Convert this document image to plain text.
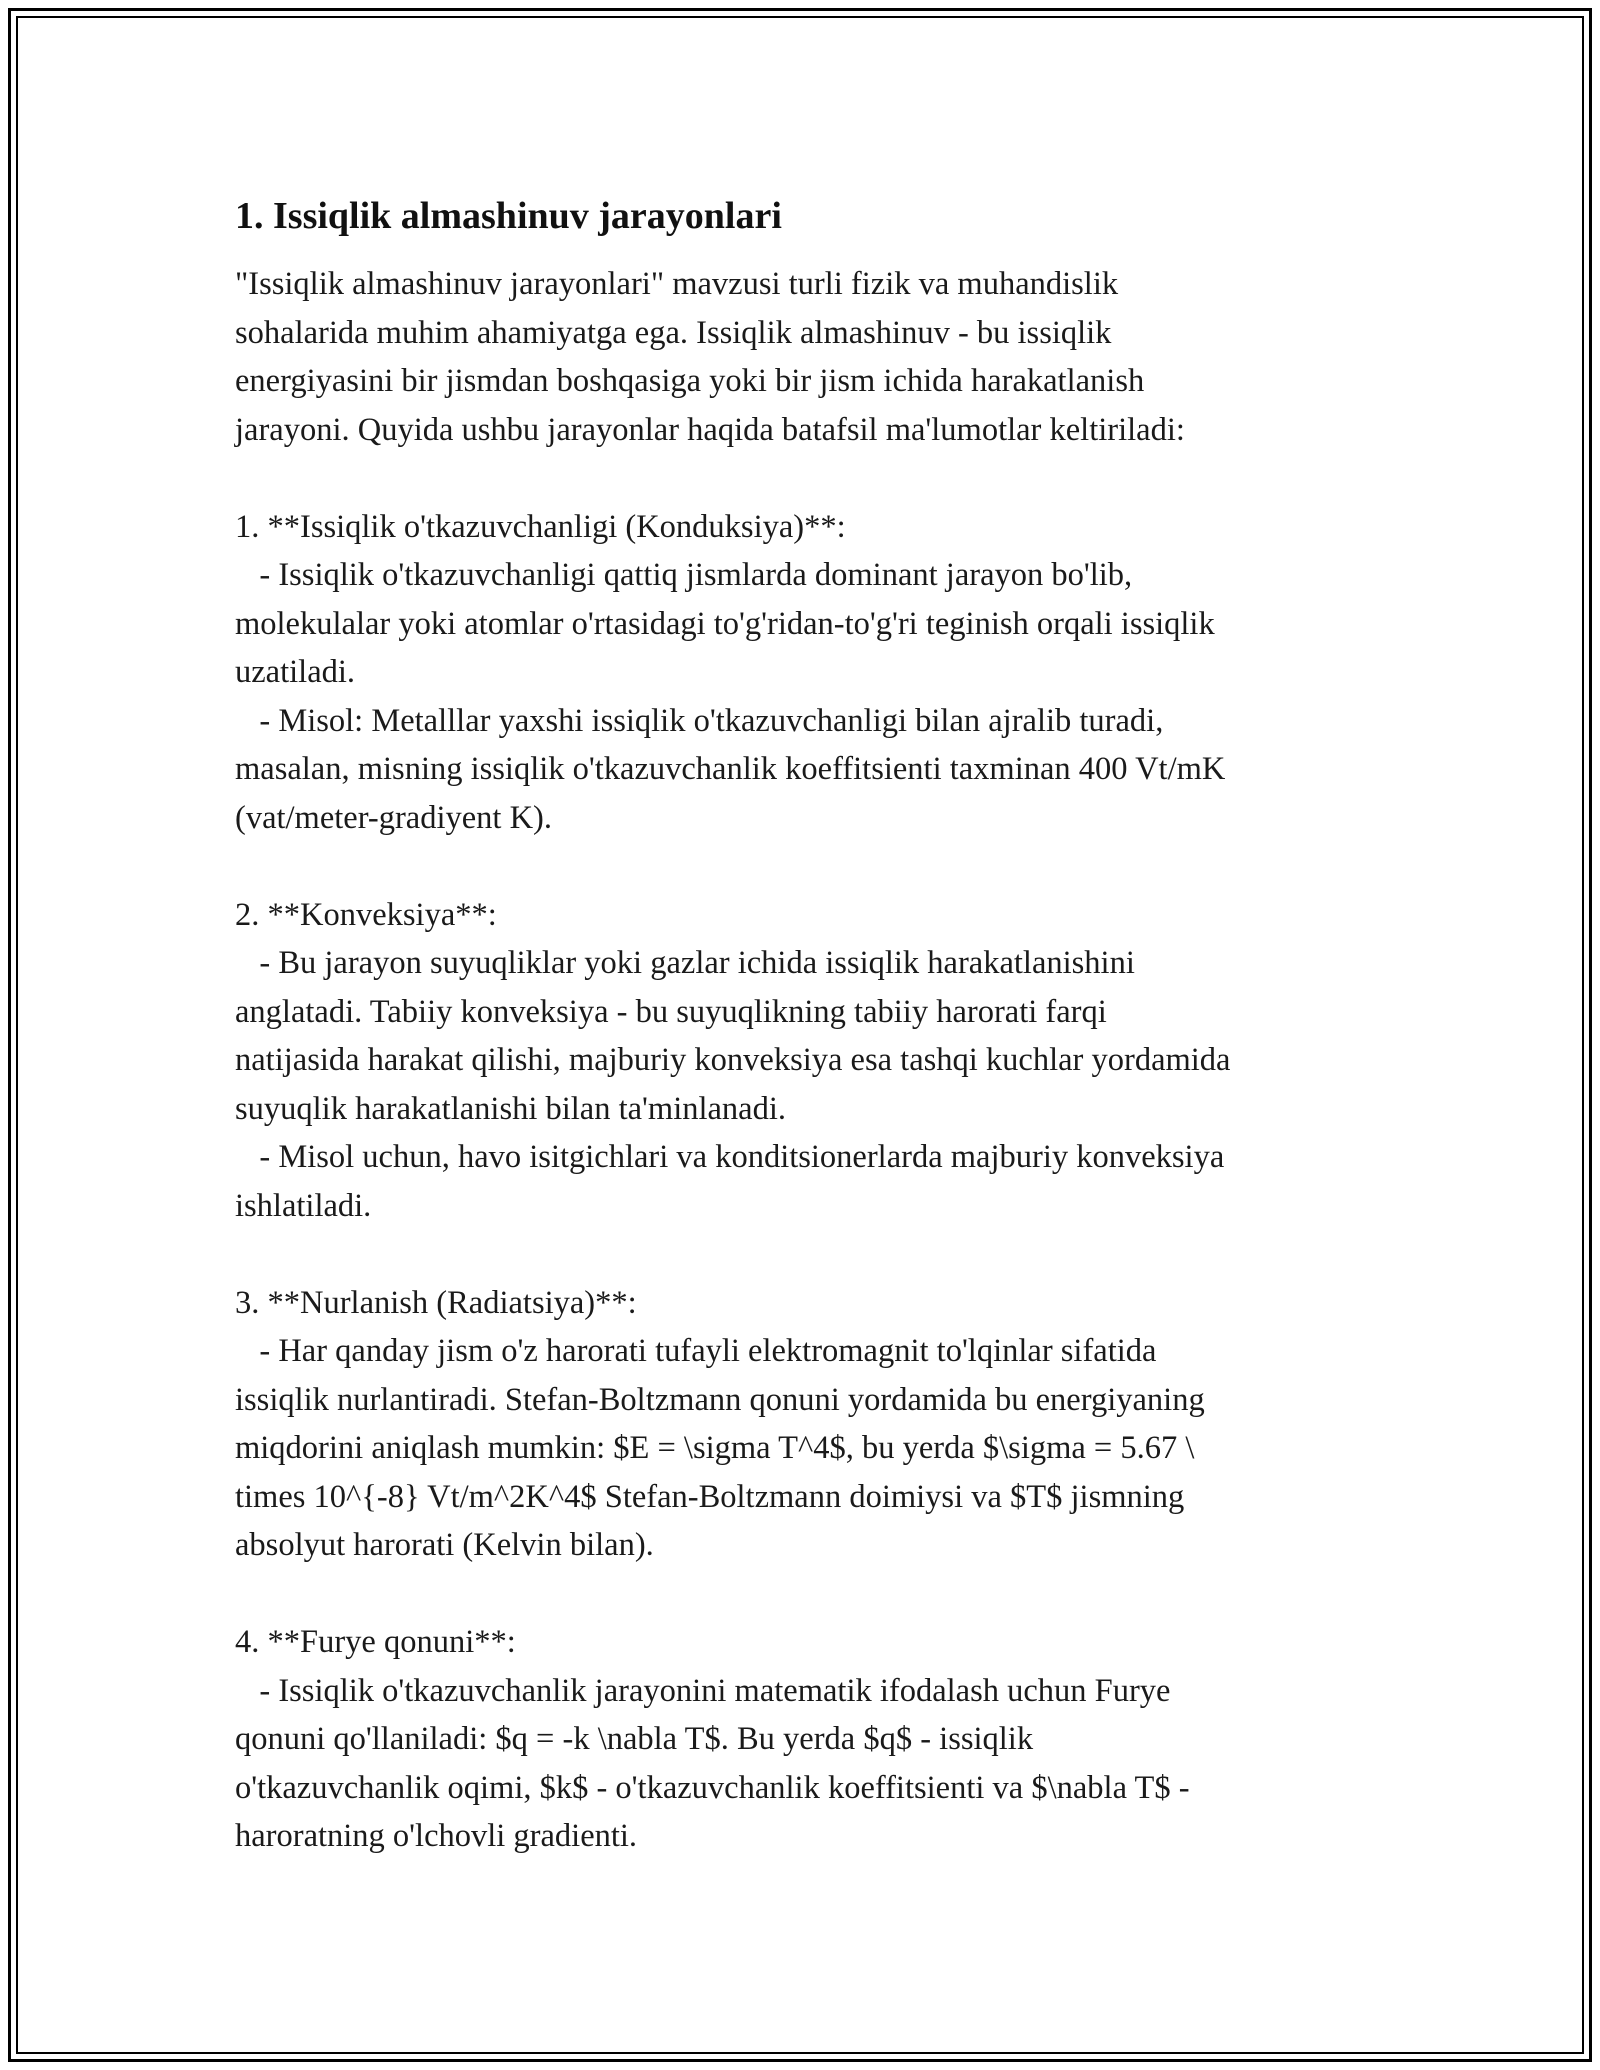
1. Issiqlik almashinuv jarayonlari

"Issiqlik almashinuv jarayonlari" mavzusi turli fizik va muhandislik
sohalarida muhim ahamiyatga ega. Issiqlik almashinuv - bu issiqlik
energiyasini bir jismdan boshqasiga yoki bir jism ichida harakatlanish
jarayoni. Quyida ushbu jarayonlar haqida batafsil ma'lumotlar keltiriladi:

1. **Issiqlik o'tkazuvchanligi (Konduksiya)**:
- Issiqlik o'tkazuvchanligi qattiq jismlarda dominant jarayon bo'lib,
molekulalar yoki atomlar o'rtasidagi to'g'ridan-to'g'ri teginish orqali issiqlik
uzatiladi.
- Misol: Metalllar yaxshi issiqlik o'tkazuvchanligi bilan ajralib turadi,
masalan, misning issiqlik o'tkazuvchanlik koeffitsienti taxminan 400 Vt/mK
(vat/meter-gradiyent K).

2. **Konveksiya**:
- Bu jarayon suyuqliklar yoki gazlar ichida issiqlik harakatlanishini
anglatadi. Tabiiy konveksiya - bu suyuqlikning tabiiy harorati farqi
natijasida harakat qilishi, majburiy konveksiya esa tashqi kuchlar yordamida
suyuqlik harakatlanishi bilan ta'minlanadi.
- Misol uchun, havo isitgichlari va konditsionerlarda majburiy konveksiya
ishlatiladi.

3. **Nurlanish (Radiatsiya)**:
- Har qanday jism o'z harorati tufayli elektromagnit to'lqinlar sifatida
issiqlik nurlantiradi. Stefan-Boltzmann qonuni yordamida bu energiyaning
miqdorini aniqlash mumkin: $E = \sigma T^4$, bu yerda $\sigma = 5.67 \
times 10^{-8} Vt/m^2K^4$ Stefan-Boltzmann doimiysi va $T$ jismning
absolyut harorati (Kelvin bilan).

4. **Furye qonuni**:
- Issiqlik o'tkazuvchanlik jarayonini matematik ifodalash uchun Furye
qonuni qo'llaniladi: $q = -k \nabla T$. Bu yerda $q$ - issiqlik
o'tkazuvchanlik oqimi, $k$ - o'tkazuvchanlik koeffitsienti va $\nabla T$ -
haroratning o'lchovli gradienti.
